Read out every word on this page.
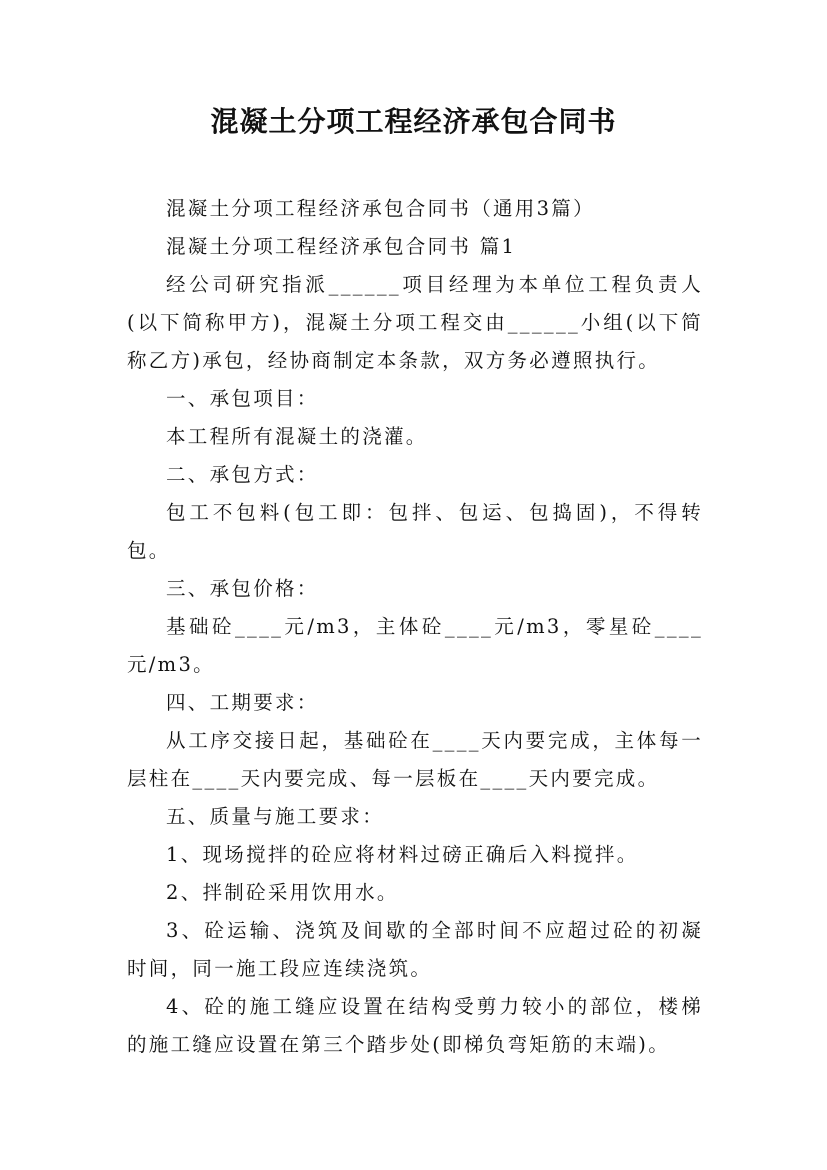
混凝土分项工程经济承包合同书

混凝土分项工程经济承包合同书（通用3篇）

混凝土分项工程经济承包合同书 篇1

经公司研究指派______项目经理为本单位工程负责人(以下简称甲方)，混凝土分项工程交由______小组(以下简称乙方)承包，经协商制定本条款，双方务必遵照执行。

一、承包项目：

本工程所有混凝土的浇灌。

二、承包方式：

包工不包料(包工即：包拌、包运、包捣固)，不得转包。

三、承包价格：

基础砼____元/m3，主体砼____元/m3，零星砼____元/m3。

四、工期要求：

从工序交接日起，基础砼在____天内要完成，主体每一层柱在____天内要完成、每一层板在____天内要完成。

五、质量与施工要求：

1、现场搅拌的砼应将材料过磅正确后入料搅拌。

2、拌制砼采用饮用水。

3、砼运输、浇筑及间歇的全部时间不应超过砼的初凝时间，同一施工段应连续浇筑。

4、砼的施工缝应设置在结构受剪力较小的部位，楼梯的施工缝应设置在第三个踏步处(即梯负弯矩筋的末端)。
